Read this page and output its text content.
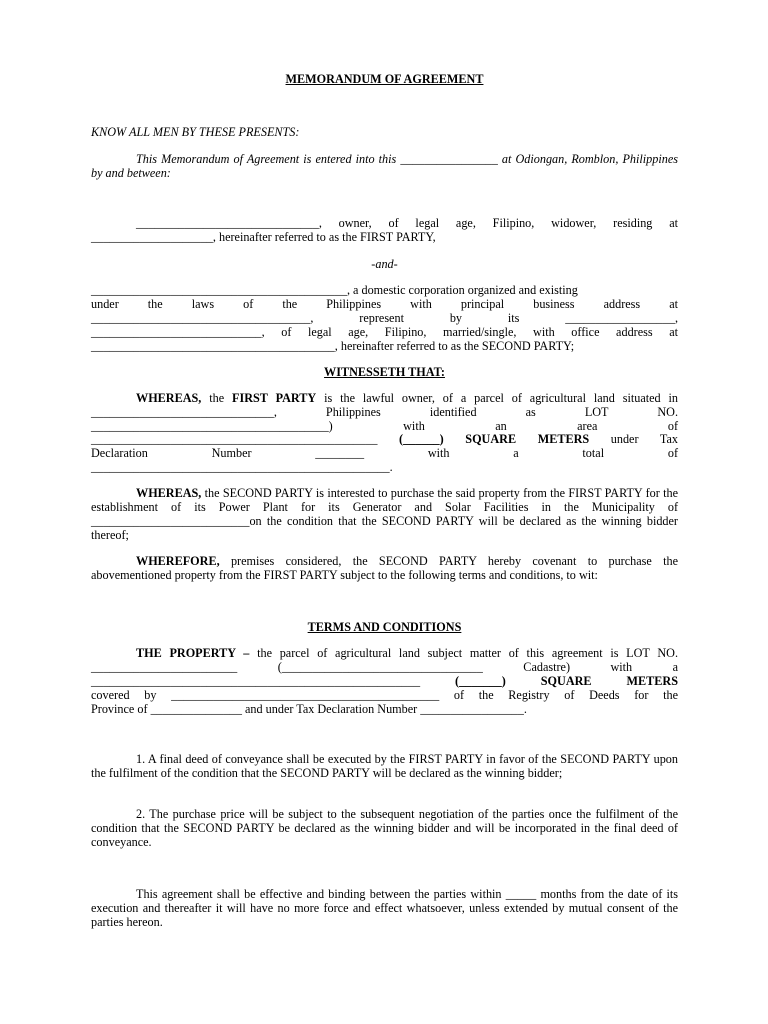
MEMORANDUM OF AGREEMENT
KNOW ALL MEN BY THESE PRESENTS:
This Memorandum of Agreement is entered into this ________________ at Odiongan, Romblon, Philippines by and between:
______________________________, owner, of legal age, Filipino, widower, residing at
____________________, hereinafter referred to as the FIRST PARTY,
-and-
__________________________________________, a domestic corporation organized and existing
under the laws of the Philippines with principal business address at
____________________________________, represent by its __________________,
____________________________, of legal age, Filipino, married/single, with office address at
________________________________________, hereinafter referred to as the SECOND PARTY;
WITNESSETH THAT:
WHEREAS, the FIRST PARTY is the lawful owner, of a parcel of agricultural land situated in
______________________________, Philippines identified as LOT NO.
_______________________________________) with an area of
_______________________________________________ (______) SQUARE METERS under Tax
Declaration Number ________ with a total of
_________________________________________________.
WHEREAS, the SECOND PARTY is interested to purchase the said property from the FIRST PARTY for the establishment of its Power Plant for its Generator and Solar Facilities in the Municipality of __________________________on the condition that the SECOND PARTY will be declared as the winning bidder thereof;
WHEREFORE, premises considered, the SECOND PARTY hereby covenant to purchase the abovementioned property from the FIRST PARTY subject to the following terms and conditions, to wit:
TERMS AND CONDITIONS
THE PROPERTY – the parcel of agricultural land subject matter of this agreement is LOT NO.
________________________ (_________________________________ Cadastre) with a
______________________________________________________ (_______) SQUARE METERS
covered by ____________________________________________ of the Registry of Deeds for the
Province of _______________ and under Tax Declaration Number _________________.
1. A final deed of conveyance shall be executed by the FIRST PARTY in favor of the SECOND PARTY upon the fulfilment of the condition that the SECOND PARTY will be declared as the winning bidder;
2. The purchase price will be subject to the subsequent negotiation of the parties once the fulfilment of the condition that the SECOND PARTY be declared as the winning bidder and will be incorporated in the final deed of conveyance.
This agreement shall be effective and binding between the parties within _____ months from the date of its execution and thereafter it will have no more force and effect whatsoever, unless extended by mutual consent of the parties hereon.
